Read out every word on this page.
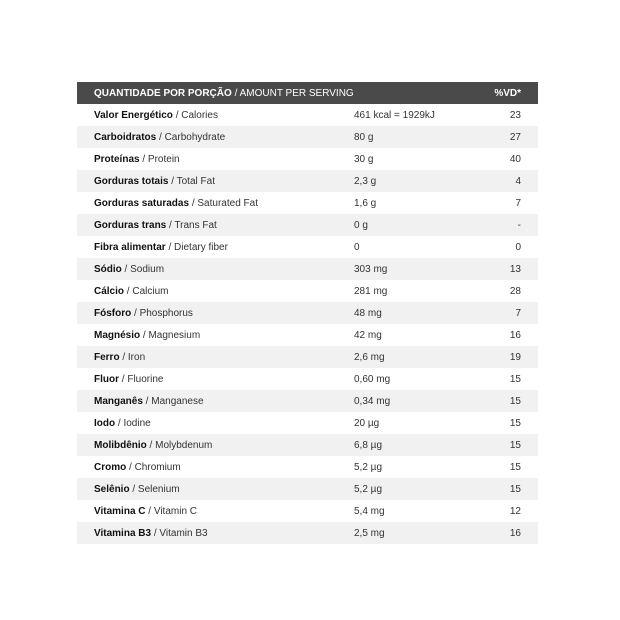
QUANTIDADE POR PORÇÃO / AMOUNT PER SERVING		%VD*
Valor Energético / Calories	461 kcal = 1929kJ	23
Carboidratos / Carbohydrate	80 g	27
Proteínas / Protein	30 g	40
Gorduras totais / Total Fat	2,3 g	4
Gorduras saturadas / Saturated Fat	1,6 g	7
Gorduras trans / Trans Fat	0 g	-
Fibra alimentar / Dietary fiber	0	0
Sódio / Sodium	303 mg	13
Cálcio / Calcium	281 mg	28
Fósforo / Phosphorus	48 mg	7
Magnésio / Magnesium	42 mg	16
Ferro / Iron	2,6 mg	19
Fluor / Fluorine	0,60 mg	15
Manganês / Manganese	0,34 mg	15
Iodo / Iodine	20 µg	15
Molibdênio / Molybdenum	6,8 µg	15
Cromo / Chromium	5,2 µg	15
Selênio / Selenium	5,2 µg	15
Vitamina C / Vitamin C	5,4 mg	12
Vitamina B3 / Vitamin B3	2,5 mg	16
